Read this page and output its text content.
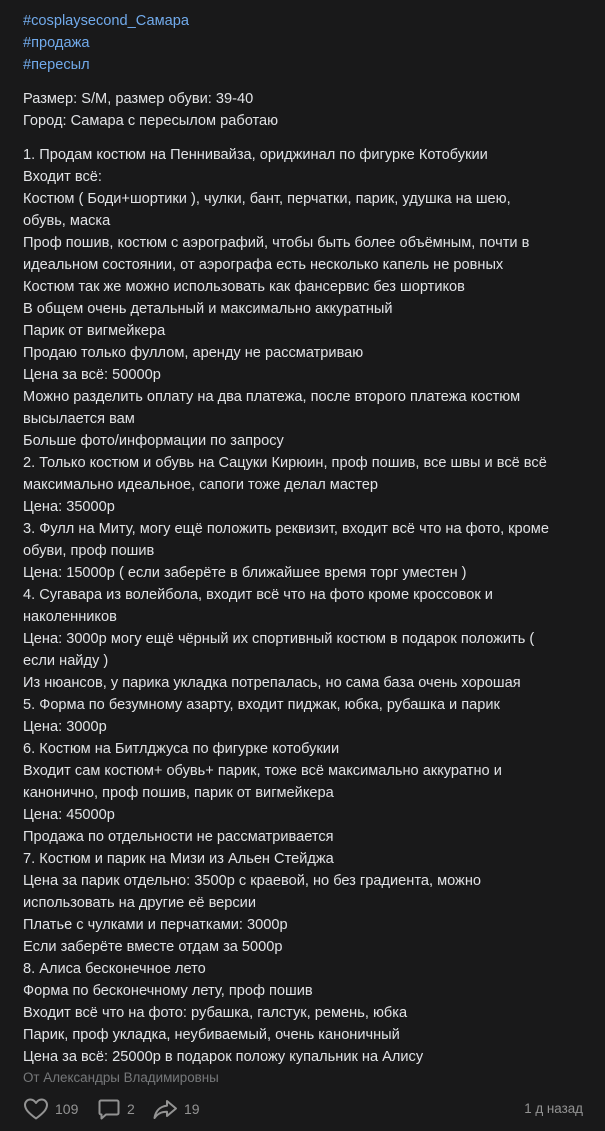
#cosplaysecond_Самара
#продажа
#пересыл
Размер: S/M, размер обуви: 39-40
Город: Самара с пересылом работаю
1. Продам костюм на Пеннивайза, ориджинал по фигурке Котобукии
Входит всё:
Костюм ( Боди+шортики ), чулки, бант, перчатки, парик, удушка на шею,
обувь, маска
Проф пошив, костюм с аэрографий, чтобы быть более объёмным, почти в
идеальном состоянии, от аэрографа есть несколько капель не ровных
Костюм так же можно использовать как фансервис без шортиков
В общем очень детальный и максимально аккуратный
Парик от вигмейкера
Продаю только фуллом, аренду не рассматриваю
Цена за всё: 50000р
Можно разделить оплату на два платежа, после второго платежа костюм
высылается вам
Больше фото/информации по запросу
2. Только костюм и обувь на Сацуки Кирюин, проф пошив, все швы и всё всё
максимально идеальное, сапоги тоже делал мастер
Цена: 35000р
3. Фулл на Миту, могу ещё положить реквизит, входит всё что на фото, кроме
обуви, проф пошив
Цена: 15000р ( если заберёте в ближайшее время торг уместен )
4. Сугавара из волейбола, входит всё что на фото кроме кроссовок и
наколенников
Цена: 3000р могу ещё чёрный их спортивный костюм в подарок положить (
если найду )
Из нюансов, у парика укладка потрепалась, но сама база очень хорошая
5. Форма по безумному азарту, входит пиджак, юбка, рубашка и парик
Цена: 3000р
6. Костюм на Битлджуса по фигурке котобукии
Входит сам костюм+ обувь+ парик, тоже всё максимально аккуратно и
канонично, проф пошив, парик от вигмейкера
Цена: 45000р
Продажа по отдельности не рассматривается
7. Костюм и парик на Мизи из Альен Стейджа
Цена за парик отдельно: 3500р с краевой, но без градиента, можно
использовать на другие её версии
Платье с чулками и перчатками: 3000р
Если заберёте вместе отдам за 5000р
8. Алиса бесконечное лето
Форма по бесконечному лету, проф пошив
Входит всё что на фото: рубашка, галстук, ремень, юбка
Парик, проф укладка, неубиваемый, очень каноничный
Цена за всё: 25000р в подарок положу купальник на Алису
От Александры Владимировны
109	2	19	1 д назад
